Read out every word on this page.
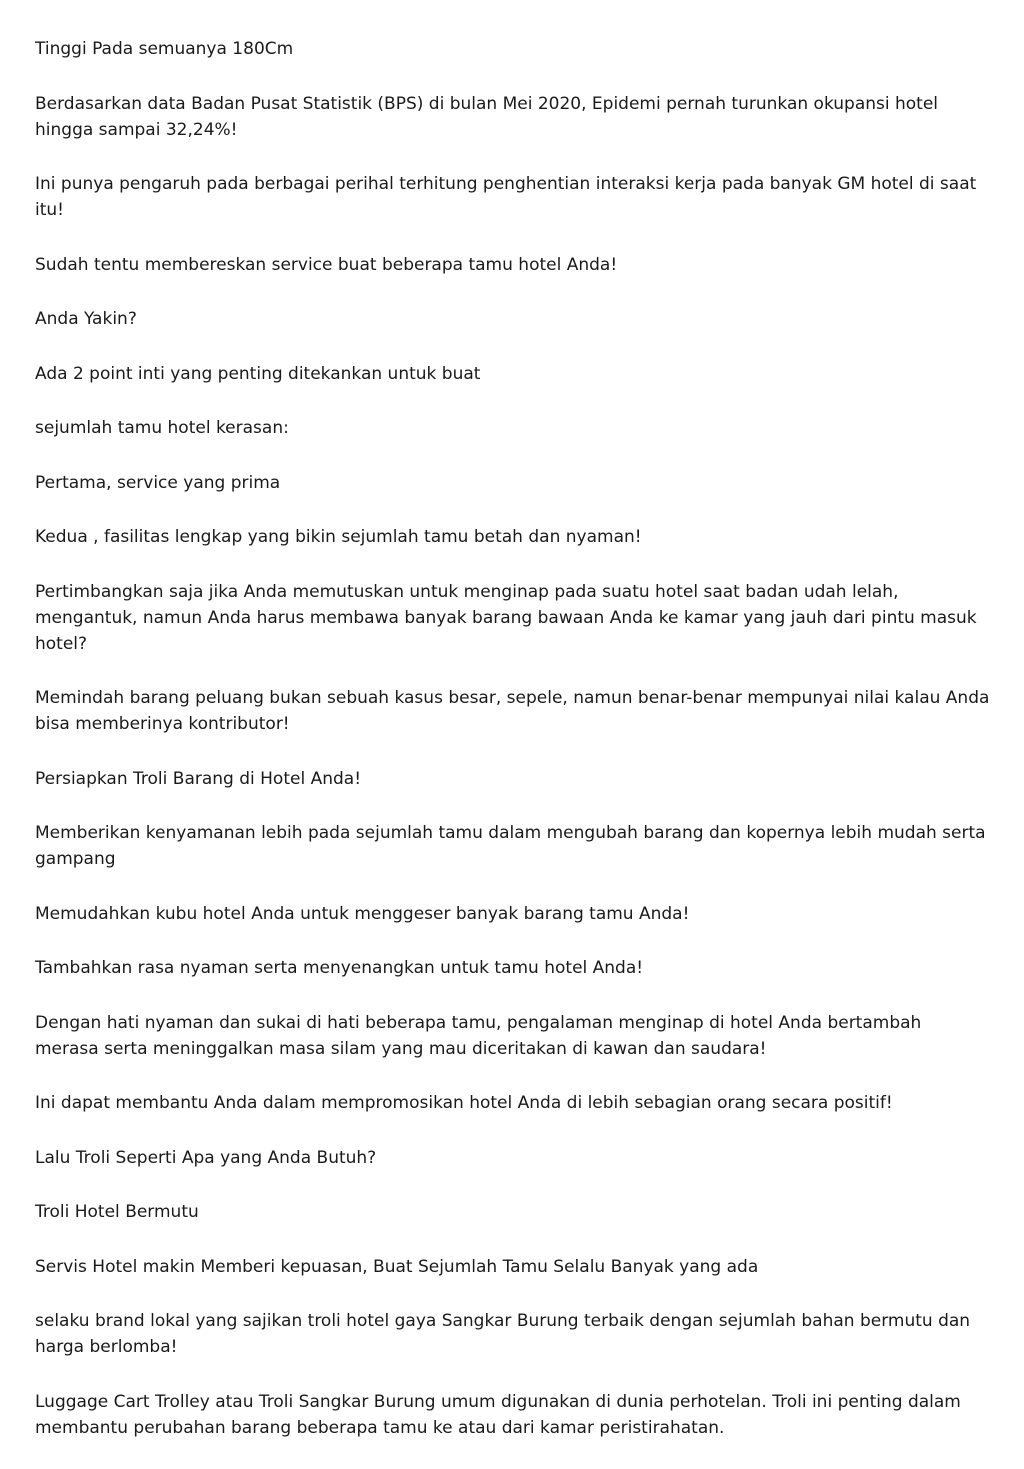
Tinggi Pada semuanya 180Cm

Berdasarkan data Badan Pusat Statistik (BPS) di bulan Mei 2020, Epidemi pernah turunkan okupansi hotel hingga sampai 32,24%!

Ini punya pengaruh pada berbagai perihal terhitung penghentian interaksi kerja pada banyak GM hotel di saat itu!

Sudah tentu membereskan service buat beberapa tamu hotel Anda!

Anda Yakin?

Ada 2 point inti yang penting ditekankan untuk buat

sejumlah tamu hotel kerasan:

Pertama, service yang prima

Kedua , fasilitas lengkap yang bikin sejumlah tamu betah dan nyaman!

Pertimbangkan saja jika Anda memutuskan untuk menginap pada suatu hotel saat badan udah lelah, mengantuk, namun Anda harus membawa banyak barang bawaan Anda ke kamar yang jauh dari pintu masuk hotel?

Memindah barang peluang bukan sebuah kasus besar, sepele, namun benar-benar mempunyai nilai kalau Anda bisa memberinya kontributor!

Persiapkan Troli Barang di Hotel Anda!

Memberikan kenyamanan lebih pada sejumlah tamu dalam mengubah barang dan kopernya lebih mudah serta gampang

Memudahkan kubu hotel Anda untuk menggeser banyak barang tamu Anda!

Tambahkan rasa nyaman serta menyenangkan untuk tamu hotel Anda!

Dengan hati nyaman dan sukai di hati beberapa tamu, pengalaman menginap di hotel Anda bertambah merasa serta meninggalkan masa silam yang mau diceritakan di kawan dan saudara!

Ini dapat membantu Anda dalam mempromosikan hotel Anda di lebih sebagian orang secara positif!

Lalu Troli Seperti Apa yang Anda Butuh?

Troli Hotel Bermutu

Servis Hotel makin Memberi kepuasan, Buat Sejumlah Tamu Selalu Banyak yang ada

selaku brand lokal yang sajikan troli hotel gaya Sangkar Burung terbaik dengan sejumlah bahan bermutu dan harga berlomba!

Luggage Cart Trolley atau Troli Sangkar Burung umum digunakan di dunia perhotelan. Troli ini penting dalam membantu perubahan barang beberapa tamu ke atau dari kamar peristirahatan.
